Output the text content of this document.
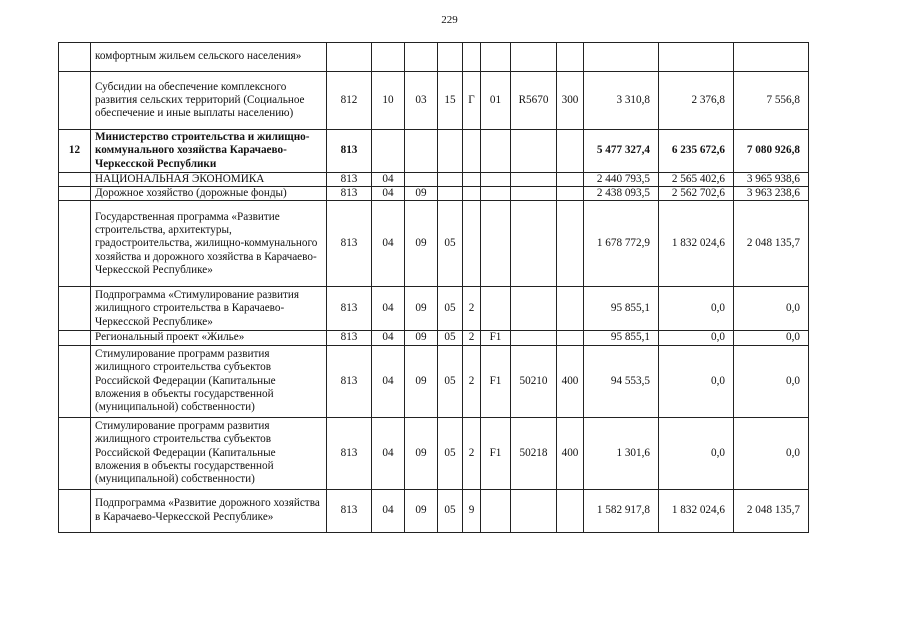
229
	комфортным жильем сельского населения»											
	Субсидии на обеспечение комплексного развития сельских территорий (Социальное обеспечение и иные выплаты населению)	812	10	03	15	Г	01	R5670	300	3 310,8	2 376,8	7 556,8
12	Министерство строительства и жилищно-коммунального хозяйства Карачаево-Черкесской Республики	813								5 477 327,4	6 235 672,6	7 080 926,8
	НАЦИОНАЛЬНАЯ ЭКОНОМИКА	813	04							2 440 793,5	2 565 402,6	3 965 938,6
	Дорожное хозяйство (дорожные фонды)	813	04	09						2 438 093,5	2 562 702,6	3 963 238,6
	Государственная программа «Развитие строительства, архитектуры, градостроительства, жилищно-коммунального хозяйства и дорожного хозяйства в Карачаево-Черкесской Республике»	813	04	09	05					1 678 772,9	1 832 024,6	2 048 135,7
	Подпрограмма «Стимулирование развития жилищного строительства в Карачаево-Черкесской Республике»	813	04	09	05	2				95 855,1	0,0	0,0
	Региональный проект «Жилье»	813	04	09	05	2	F1			95 855,1	0,0	0,0
	Стимулирование программ развития жилищного строительства субъектов Российской Федерации (Капитальные вложения в объекты государственной (муниципальной) собственности)	813	04	09	05	2	F1	50210	400	94 553,5	0,0	0,0
	Стимулирование программ развития жилищного строительства субъектов Российской Федерации (Капитальные вложения в объекты государственной (муниципальной) собственности)	813	04	09	05	2	F1	50218	400	1 301,6	0,0	0,0
	Подпрограмма «Развитие дорожного хозяйства в Карачаево-Черкесской Республике»	813	04	09	05	9				1 582 917,8	1 832 024,6	2 048 135,7
